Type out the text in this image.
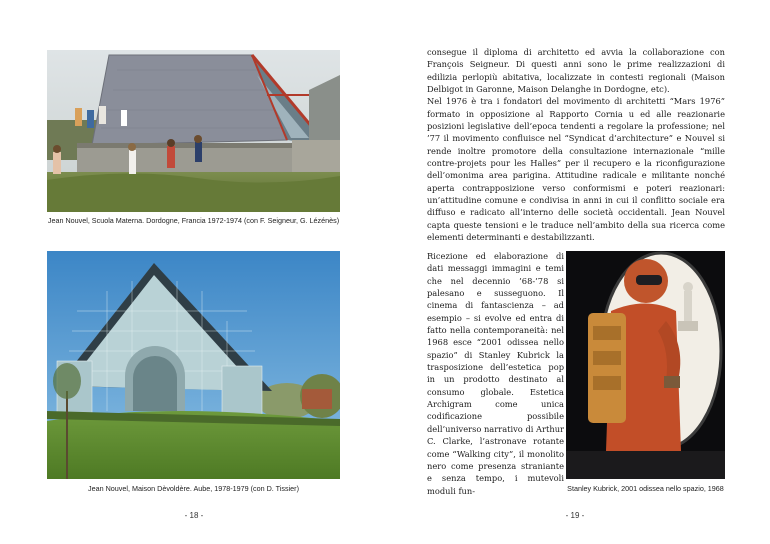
Jean Nouvel, Scuola Materna. Dordogne, Francia 1972-1974 (con F. Seigneur, G. Lézénès)
Jean Nouvel, Maison Dèvoldère. Aube, 1978-1979 (con D. Tissier)
- 18 -

consegue il diploma di architetto ed avvia la collaborazione con François Seigneur. Di questi anni sono le prime realizzazioni di edilizia perlopiù abitativa, localizzate in contesti regionali (Maison Delbigot in Garonne, Maison Delanghe in Dordogne, etc).

Nel 1976 è tra i fondatori del movimento di architetti “Mars 1976” formato in opposizione al Rapporto Cornia u ed alle reazionarie posizioni legislative dell’epoca tendenti a regolare la professione; nel ’77 il movimento confluisce nel “Syndicat d’architecture” e Nouvel si rende inoltre promotore della consultazione internazionale “mille contre-projets pour les Halles” per il recupero e la riconfigurazione dell’omonima area parigina. Attitudine radicale e militante nonché aperta contrapposizione verso conformismi e poteri reazionari: un’attitudine comune e condivisa in anni in cui il conflitto sociale era diffuso e radicato all’interno delle società occidentali. Jean Nouvel capta queste tensioni e le traduce nell’ambito della sua ricerca come elementi determinanti e destabilizzanti.

Ricezione ed elaborazione di dati messaggi immagini e temi che nel decennio ’68-’78 si palesano e susseguono. Il cinema di fantascienza – ad esempio – si evolve ed entra di fatto nella contemporaneità: nel 1968 esce “2001 odissea nello spazio” di Stanley Kubrick la trasposizione dell’estetica pop in un prodotto destinato al consumo globale. Estetica Archigram come unica codificazione possibile dell’universo narrativo di Arthur C. Clarke, l’astronave rotante come “Walking city”, il monolito nero come presenza straniante e senza tempo, i mutevoli moduli fun-	Stanley Kubrick, 2001 odissea nello spazio, 1968
- 19 -
